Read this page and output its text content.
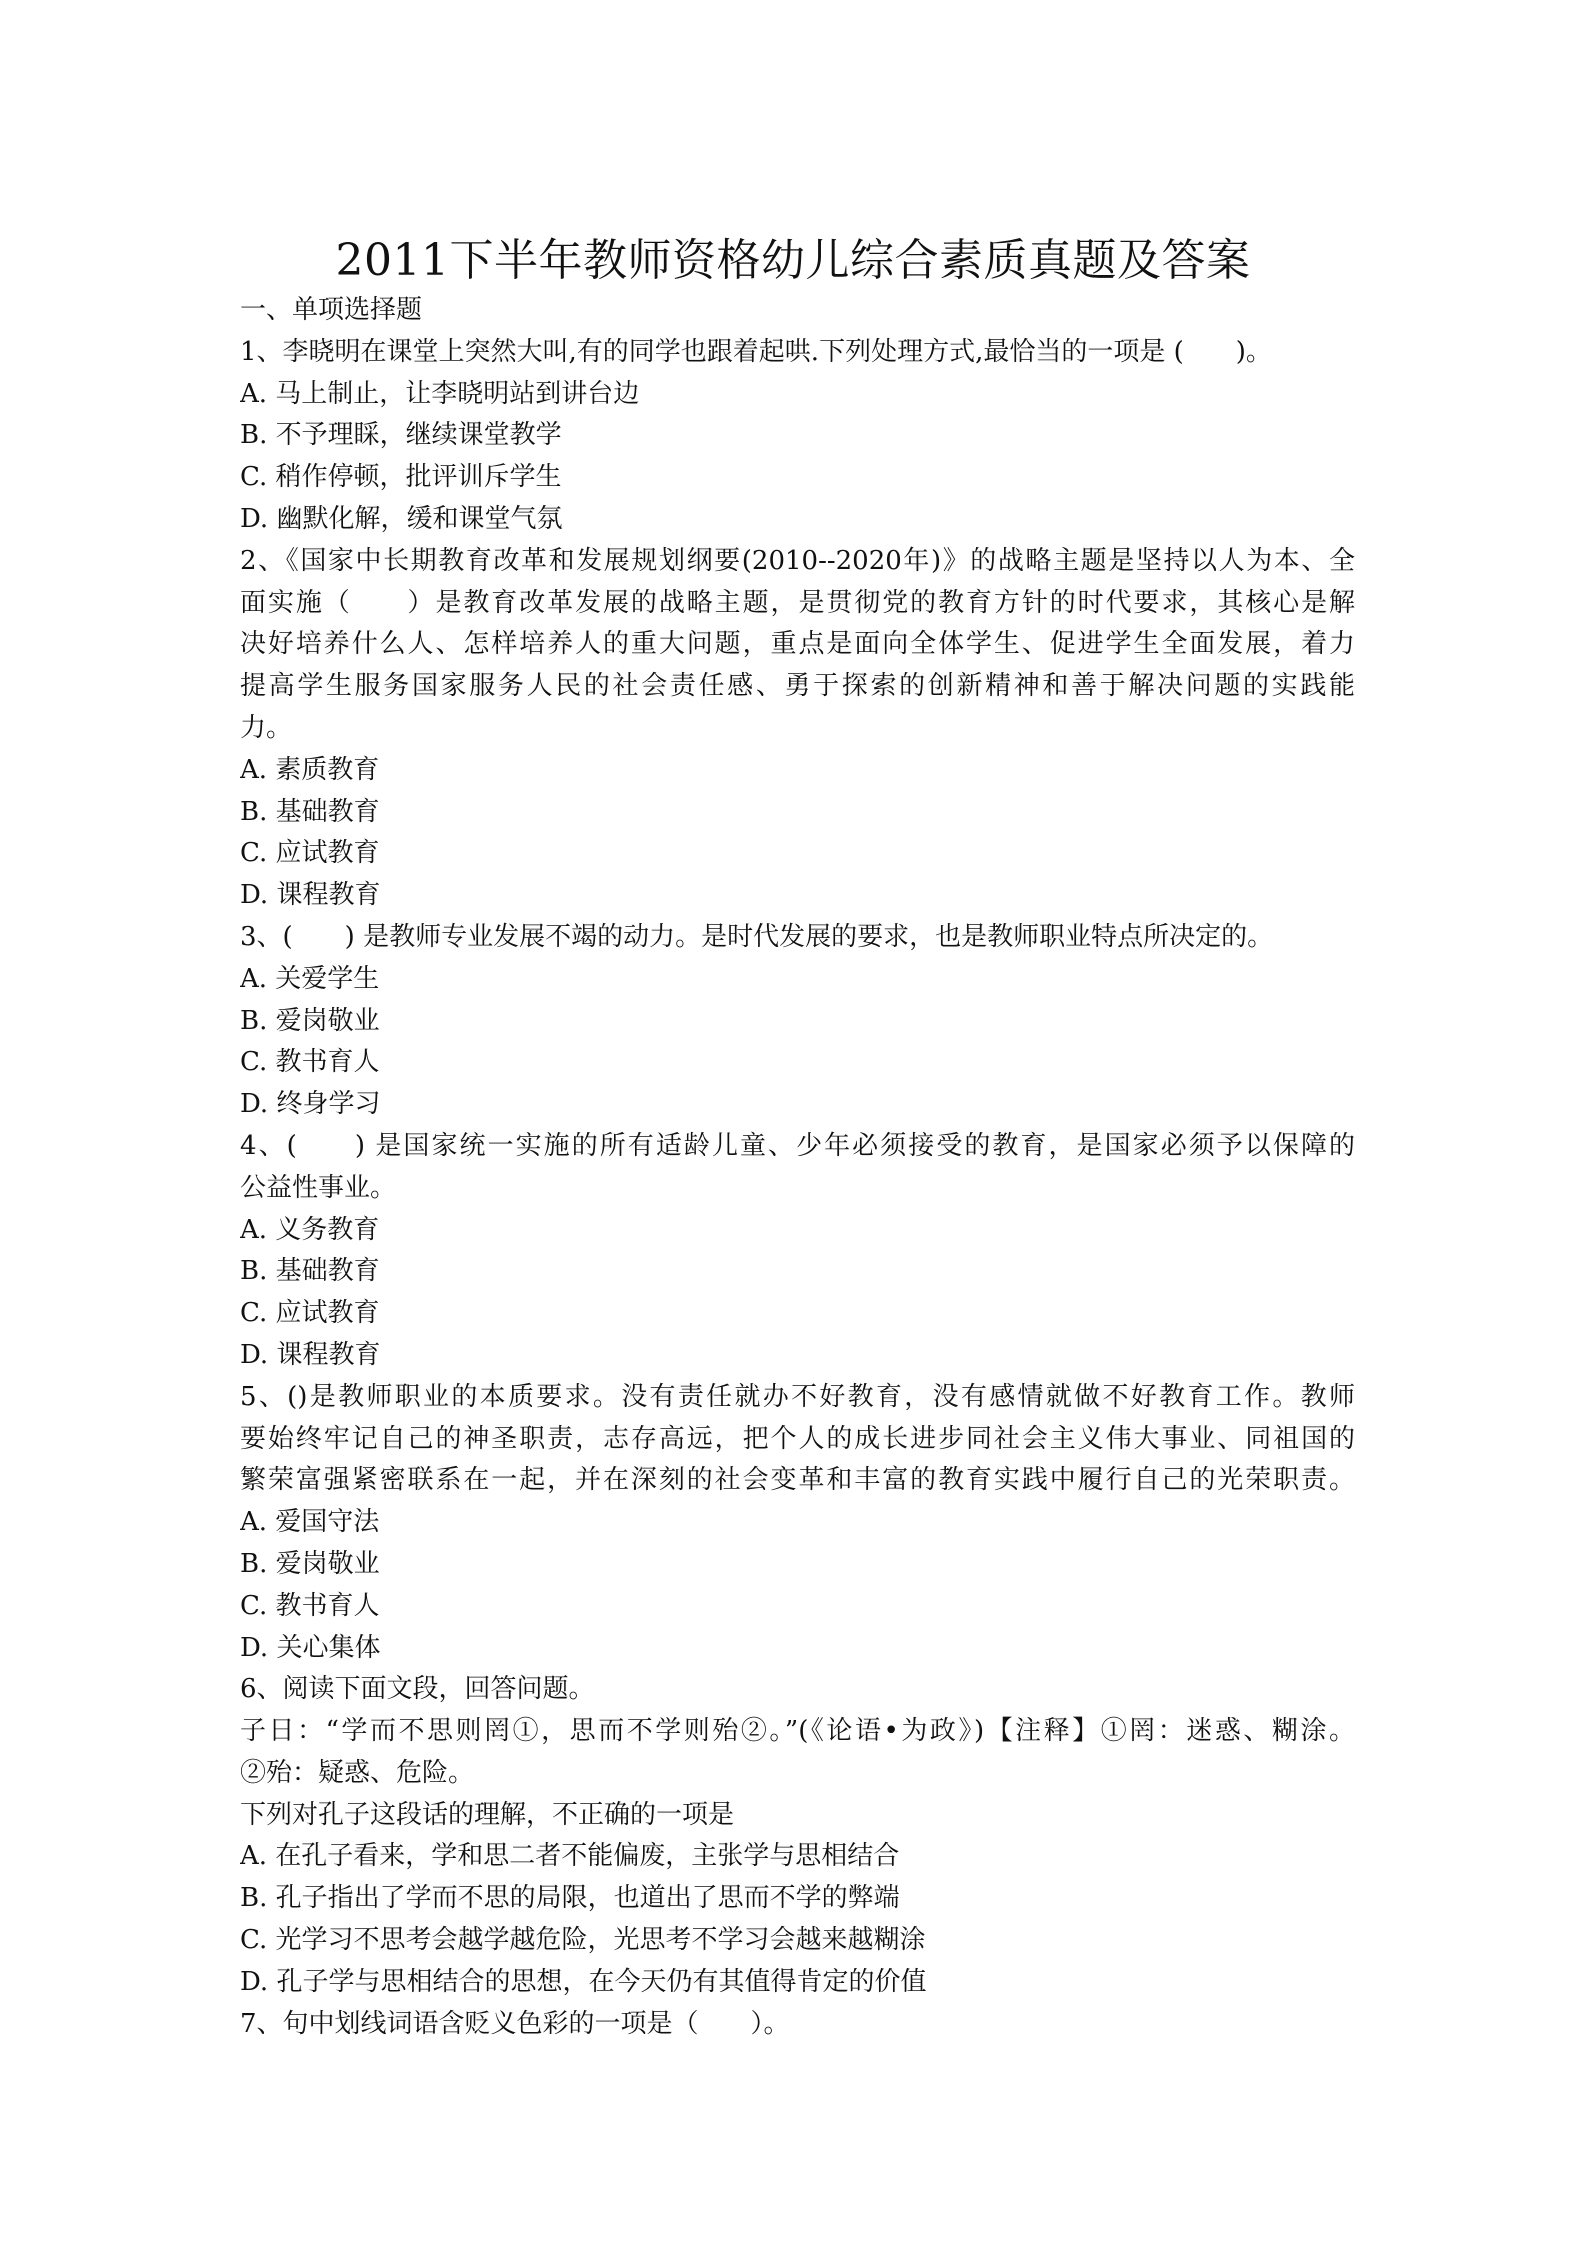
2011下半年教师资格幼儿综合素质真题及答案
一、单项选择题
1、李晓明在课堂上突然大叫,有的同学也跟着起哄.下列处理方式,最恰当的一项是 (　　)。
A. 马上制止，让李晓明站到讲台边
B. 不予理睬，继续课堂教学
C. 稍作停顿，批评训斥学生
D. 幽默化解，缓和课堂气氛
2、《国家中长期教育改革和发展规划纲要(2010--2020年)》的战略主题是坚持以人为本、全
面实施（　　）是教育改革发展的战略主题，是贯彻党的教育方针的时代要求，其核心是解
决好培养什么人、怎样培养人的重大问题，重点是面向全体学生、促进学生全面发展，着力
提高学生服务国家服务人民的社会责任感、勇于探索的创新精神和善于解决问题的实践能
力。
A. 素质教育
B. 基础教育
C. 应试教育
D. 课程教育
3、(　　) 是教师专业发展不竭的动力。是时代发展的要求，也是教师职业特点所决定的。
A. 关爱学生
B. 爱岗敬业
C. 教书育人
D. 终身学习
4、(　　) 是国家统一实施的所有适龄儿童、少年必须接受的教育，是国家必须予以保障的
公益性事业。
A. 义务教育
B. 基础教育
C. 应试教育
D. 课程教育
5、()是教师职业的本质要求。没有责任就办不好教育，没有感情就做不好教育工作。教师
要始终牢记自己的神圣职责，志存高远，把个人的成长进步同社会主义伟大事业、同祖国的
繁荣富强紧密联系在一起，并在深刻的社会变革和丰富的教育实践中履行自己的光荣职责。
A. 爱国守法
B. 爱岗敬业
C. 教书育人
D. 关心集体
6、阅读下面文段，回答问题。
子日：“学而不思则罔①，思而不学则殆②。”(《论语•为政》)【注释】①罔：迷惑、糊涂。
②殆：疑惑、危险。
下列对孔子这段话的理解，不正确的一项是
A. 在孔子看来，学和思二者不能偏废，主张学与思相结合
B. 孔子指出了学而不思的局限，也道出了思而不学的弊端
C. 光学习不思考会越学越危险，光思考不学习会越来越糊涂
D. 孔子学与思相结合的思想，在今天仍有其值得肯定的价值
7、句中划线词语含贬义色彩的一项是（　　）。
